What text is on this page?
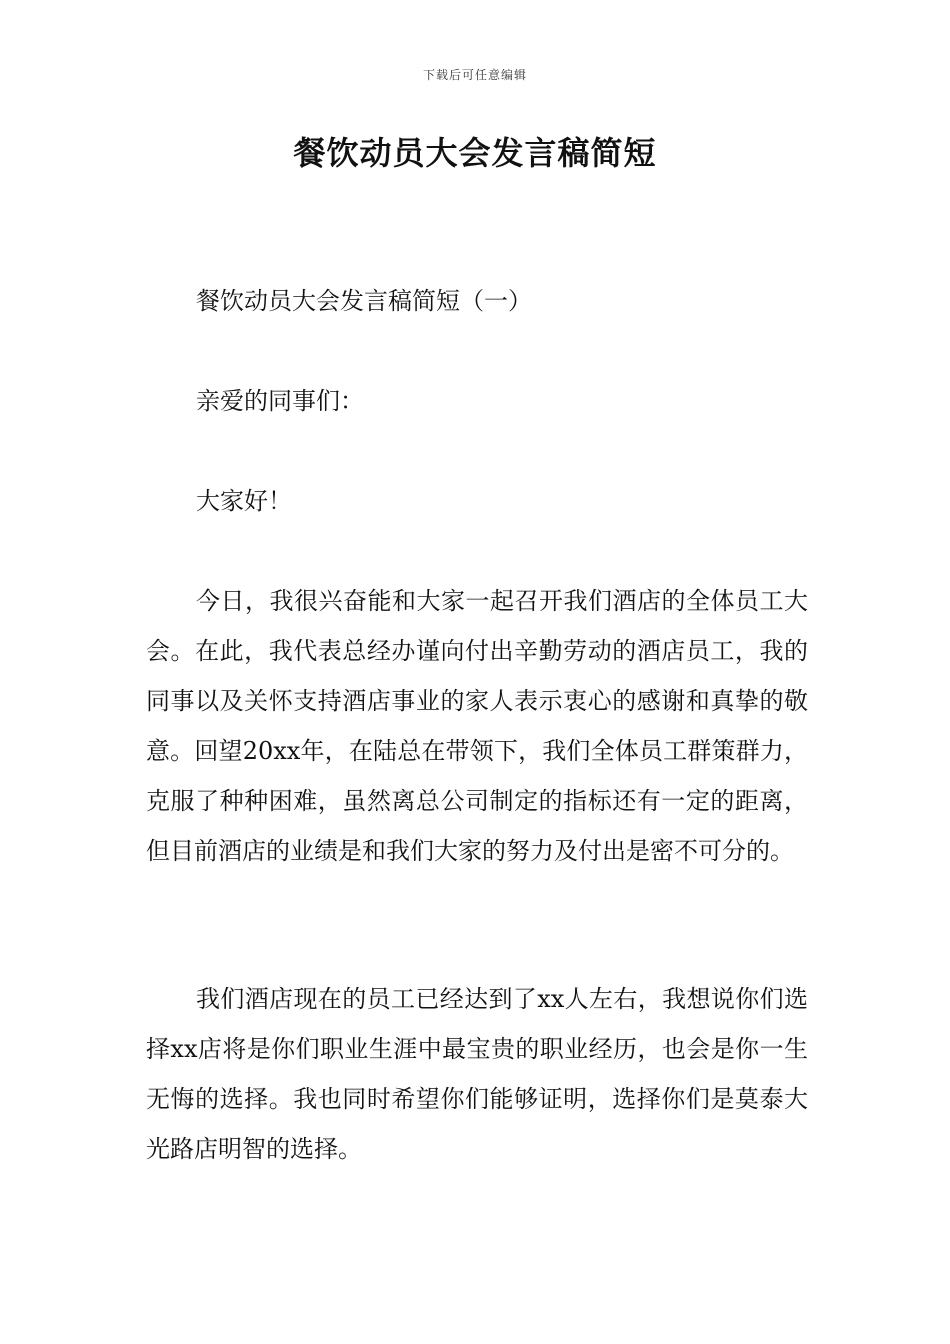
下载后可任意编辑
餐饮动员大会发言稿简短

餐饮动员大会发言稿简短（一）

亲爱的同事们：

大家好！

今日，我很兴奋能和大家一起召开我们酒店的全体员工大会。在此，我代表总经办谨向付出辛勤劳动的酒店员工，我的同事以及关怀支持酒店事业的家人表示衷心的感谢和真挚的敬意。回望20xx年，在陆总在带领下，我们全体员工群策群力，克服了种种困难，虽然离总公司制定的指标还有一定的距离，但目前酒店的业绩是和我们大家的努力及付出是密不可分的。

我们酒店现在的员工已经达到了xx人左右，我想说你们选择xx店将是你们职业生涯中最宝贵的职业经历，也会是你一生无悔的选择。我也同时希望你们能够证明，选择你们是莫泰大光路店明智的选择。
